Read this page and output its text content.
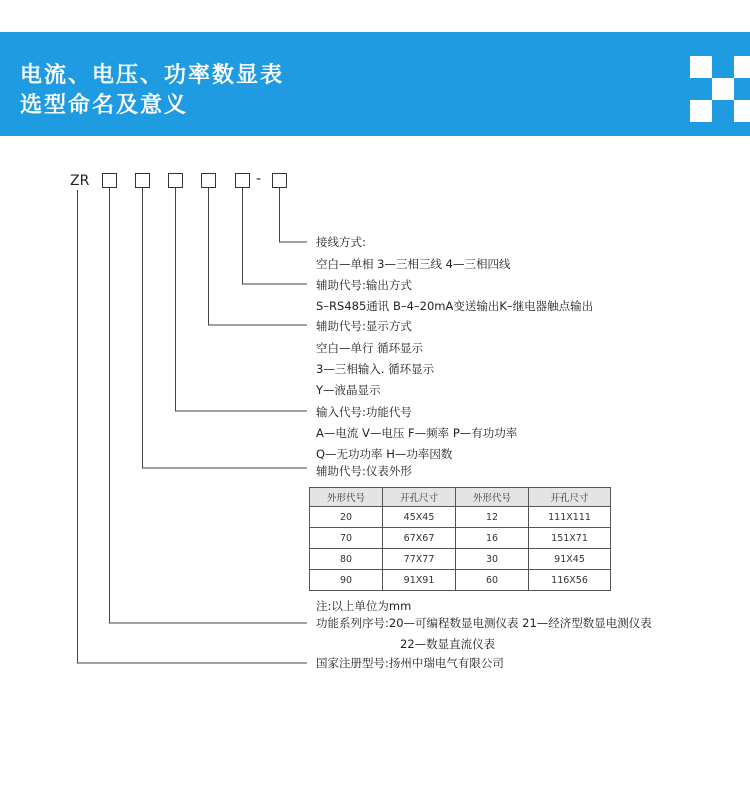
电流、电压、功率数显表
选型命名及意义
ZR	-
接线方式:
空白—单相 3—三相三线 4—三相四线
辅助代号:输出方式
S–RS485通讯 B–4–20mA变送输出K–继电器触点输出
辅助代号:显示方式
空白—单行 循环显示
3—三相输入. 循环显示
Y—液晶显示
输入代号:功能代号
A—电流 V—电压 F—频率 P—有功功率
Q—无功功率 H—功率因数
辅助代号:仪表外形
外形代号	开孔尺寸	外形代号	开孔尺寸
20	45X45	12	111X111
70	67X67	16	151X71
80	77X77	30	91X45
90	91X91	60	116X56
注:以上单位为mm
功能系列序号:20—可编程数显电测仪表 21—经济型数显电测仪表
22—数显直流仪表
国家注册型号:扬州中瑞电气有限公司
